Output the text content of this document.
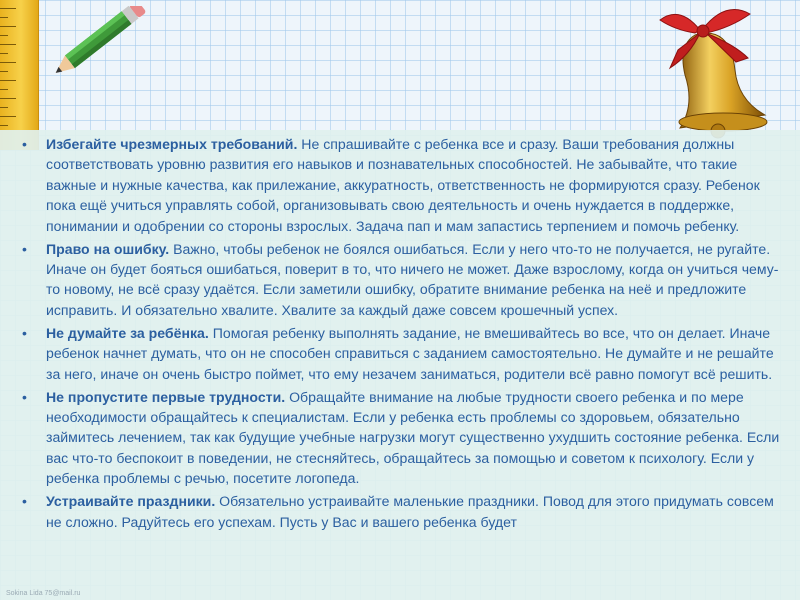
• Избегайте чрезмерных требований. Не спрашивайте с ребенка все и сразу. Ваши требования должны соответствовать уровню развития его навыков и познавательных способностей. Не забывайте, что такие важные и нужные качества, как прилежание, аккуратность, ответственность не формируются сразу. Ребенок пока ещё учиться управлять собой, организовывать свою деятельность и очень нуждается в поддержке, понимании и одобрении со стороны взрослых. Задача пап и мам запастись терпением и помочь ребенку.
• Право на ошибку. Важно, чтобы ребенок не боялся ошибаться. Если у него что-то не получается, не ругайте. Иначе он будет бояться ошибаться, поверит в то, что ничего не может. Даже взрослому, когда он учиться чему-то новому, не всё сразу удаётся. Если заметили ошибку, обратите внимание ребенка на неё и предложите исправить. И обязательно хвалите. Хвалите за каждый даже совсем крошечный успех.
• Не думайте за ребёнка. Помогая ребенку выполнять задание, не вмешивайтесь во все, что он делает. Иначе ребенок начнет думать, что он не способен справиться с заданием самостоятельно. Не думайте и не решайте за него, иначе он очень быстро поймет, что ему незачем заниматься, родители всё равно помогут всё решить.
• Не пропустите первые трудности. Обращайте внимание на любые трудности своего ребенка и по мере необходимости обращайтесь к специалистам. Если у ребенка есть проблемы со здоровьем, обязательно займитесь лечением, так как будущие учебные нагрузки могут существенно ухудшить состояние ребенка. Если вас что-то беспокоит в поведении, не стесняйтесь, обращайтесь за помощью и советом к психологу. Если у ребенка проблемы с речью, посетите логопеда.
• Устраивайте праздники. Обязательно устраивайте маленькие праздники. Повод для этого придумать совсем не сложно. Радуйтесь его успехам. Пусть у Вас и вашего ребенка будет
Sokina Lida 75@mail.ru
